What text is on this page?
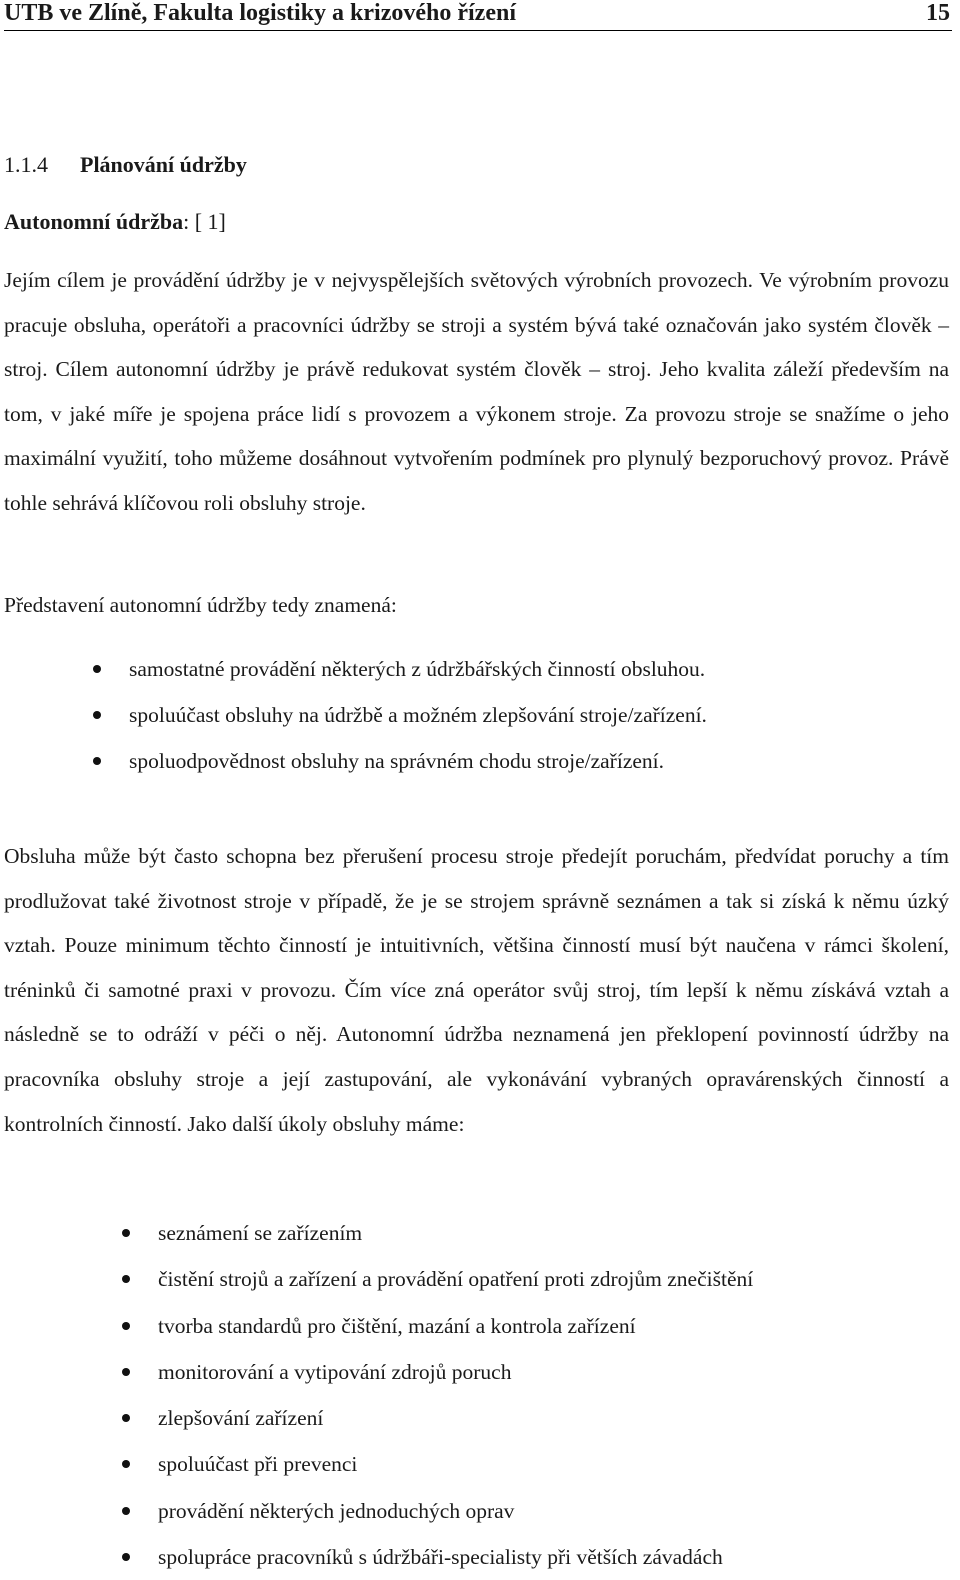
UTB ve Zlíně, Fakulta logistiky a krizového řízení	15
1.1.4 Plánování údržby
Autonomní údržba: [ 1]

Jejím cílem je provádění údržby je v nejvyspělejších světových výrobních provozech. Ve výrobním provozu pracuje obsluha, operátoři a pracovníci údržby se stroji a systém bývá také označován jako systém člověk – stroj. Cílem autonomní údržby je právě redukovat systém člověk – stroj. Jeho kvalita záleží především na tom, v jaké míře je spojena práce lidí s provozem a výkonem stroje. Za provozu stroje se snažíme o jeho maximální využití, toho můžeme dosáhnout vytvořením podmínek pro plynulý bezporuchový provoz. Právě tohle sehrává klíčovou roli obsluhy stroje.

Představení autonomní údržby tedy znamená:

samostatné provádění některých z údržbářských činností obsluhou.
spoluúčast obsluhy na údržbě a možném zlepšování stroje/zařízení.
spoluodpovědnost obsluhy na správném chodu stroje/zařízení.

Obsluha může být často schopna bez přerušení procesu stroje předejít poruchám, předvídat poruchy a tím prodlužovat také životnost stroje v případě, že je se strojem správně seznámen a tak si získá k němu úzký vztah. Pouze minimum těchto činností je intuitivních, většina činností musí být naučena v rámci školení, tréninků či samotné praxi v provozu. Čím více zná operátor svůj stroj, tím lepší k němu získává vztah a následně se to odráží v péči o něj. Autonomní údržba neznamená jen překlopení povinností údržby na pracovníka obsluhy stroje a její zastupování, ale vykonávání vybraných opravárenských činností a kontrolních činností. Jako další úkoly obsluhy máme:

seznámení se zařízením
čistění strojů a zařízení a provádění opatření proti zdrojům znečištění
tvorba standardů pro čištění, mazání a kontrola zařízení
monitorování a vytipování zdrojů poruch
zlepšování zařízení
spoluúčast při prevenci
provádění některých jednoduchých oprav
spolupráce pracovníků s údržbáři-specialisty při větších závadách
